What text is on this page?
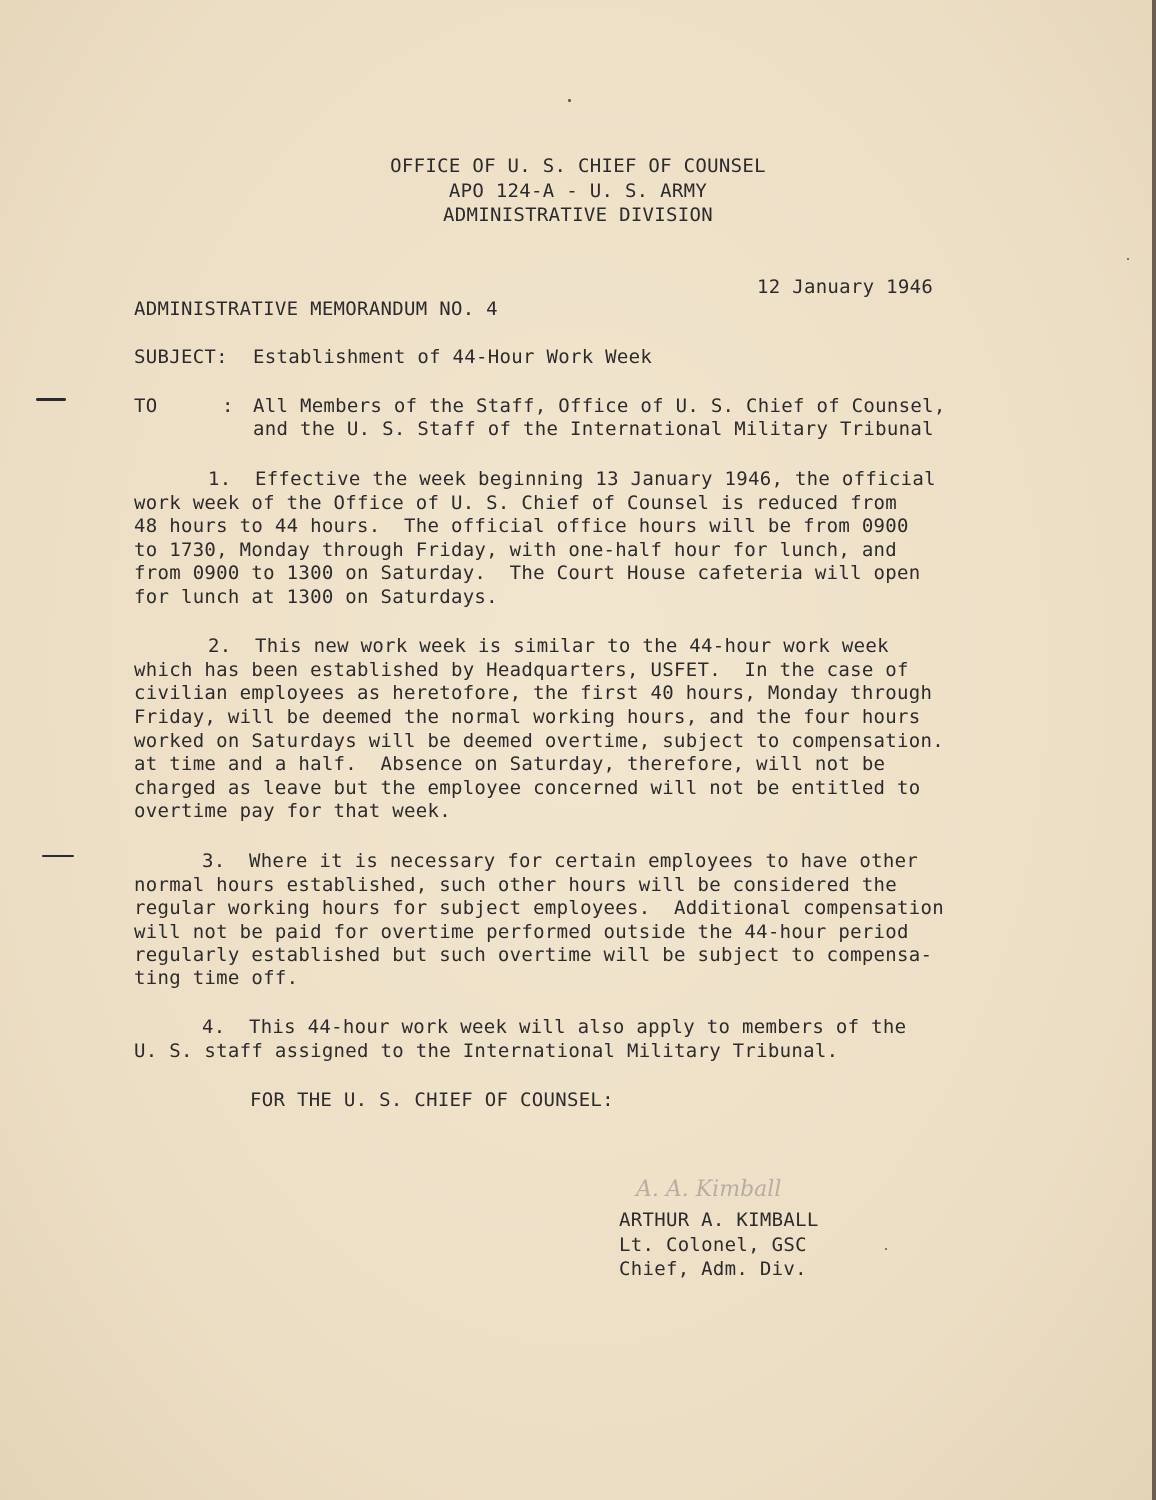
OFFICE OF U. S. CHIEF OF COUNSEL
APO 124-A - U. S. ARMY
ADMINISTRATIVE DIVISION
12 January 1946
ADMINISTRATIVE MEMORANDUM NO. 4
SUBJECT: Establishment of 44-Hour Work Week
TO	: All Members of the Staff, Office of U. S. Chief of Counsel,
and the U. S. Staff of the International Military Tribunal
1.  Effective the week beginning 13 January 1946, the official
work week of the Office of U. S. Chief of Counsel is reduced from
48 hours to 44 hours.  The official office hours will be from 0900
to 1730, Monday through Friday, with one-half hour for lunch, and
from 0900 to 1300 on Saturday.  The Court House cafeteria will open
for lunch at 1300 on Saturdays.
2.  This new work week is similar to the 44-hour work week
which has been established by Headquarters, USFET.  In the case of
civilian employees as heretofore, the first 40 hours, Monday through
Friday, will be deemed the normal working hours, and the four hours
worked on Saturdays will be deemed overtime, subject to compensation.
at time and a half.  Absence on Saturday, therefore, will not be
charged as leave but the employee concerned will not be entitled to
overtime pay for that week.
3.  Where it is necessary for certain employees to have other
normal hours established, such other hours will be considered the
regular working hours for subject employees.  Additional compensation
will not be paid for overtime performed outside the 44-hour period
regularly established but such overtime will be subject to compensa-
ting time off.
4.  This 44-hour work week will also apply to members of the
U. S. staff assigned to the International Military Tribunal.
FOR THE U. S. CHIEF OF COUNSEL:
A. A. Kimball
ARTHUR A. KIMBALL
Lt. Colonel, GSC
Chief, Adm. Div.
